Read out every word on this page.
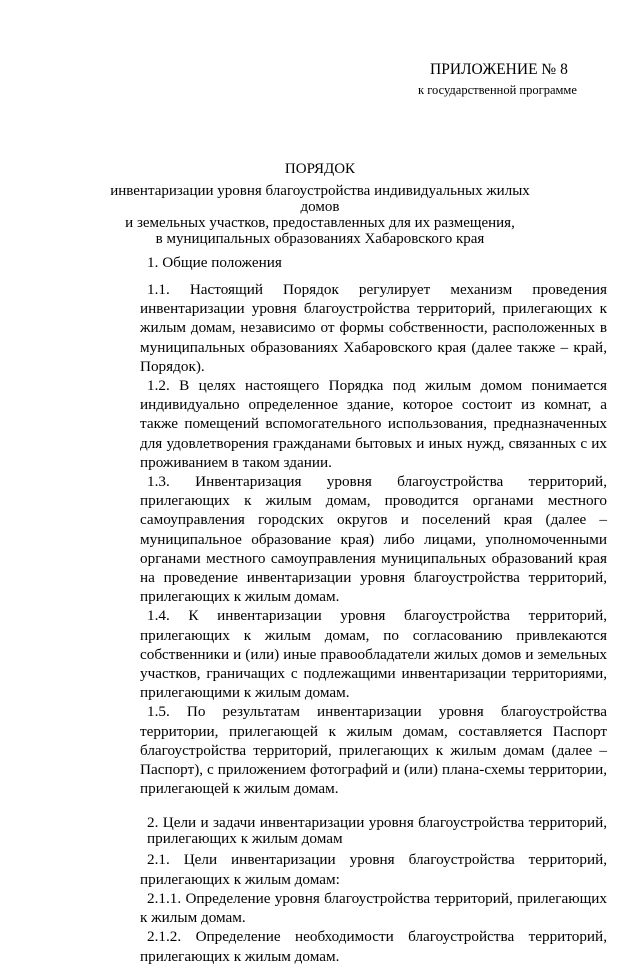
ПРИЛОЖЕНИЕ № 8
к государственной программе
ПОРЯДОК
инвентаризации уровня благоустройства индивидуальных жилых домов
и земельных участков, предоставленных для их размещения,
в муниципальных образованиях Хабаровского края
1. Общие положения

1.1. Настоящий Порядок регулирует механизм проведения инвентаризации уровня благоустройства территорий, прилегающих к жилым домам, независимо от формы собственности, расположенных в муниципальных образованиях Хабаровского края (далее также – край, Порядок).

1.2. В целях настоящего Порядка под жилым домом понимается индивидуально определенное здание, которое состоит из комнат, а также помещений вспомогательного использования, предназначенных для удовлетворения гражданами бытовых и иных нужд, связанных с их проживанием в таком здании.

1.3. Инвентаризация уровня благоустройства территорий, прилегающих к жилым домам, проводится органами местного самоуправления городских округов и поселений края (далее – муниципальное образование края) либо лицами, уполномоченными органами местного самоуправления муниципальных образований края на проведение инвентаризации уровня благоустройства территорий, прилегающих к жилым домам.

1.4. К инвентаризации уровня благоустройства территорий, прилегающих к жилым домам, по согласованию привлекаются собственники и (или) иные правообладатели жилых домов и земельных участков, граничащих с подлежащими инвентаризации территориями, прилегающими к жилым домам.

1.5. По результатам инвентаризации уровня благоустройства территории, прилегающей к жилым домам, составляется Паспорт благоустройства территорий, прилегающих к жилым домам (далее – Паспорт), с приложением фотографий и (или) плана-схемы территории, прилегающей к жилым домам.

2. Цели и задачи инвентаризации уровня благоустройства территорий, прилегающих к жилым домам

2.1. Цели инвентаризации уровня благоустройства территорий, прилегающих к жилым домам:

2.1.1. Определение уровня благоустройства территорий, прилегающих к жилым домам.

2.1.2. Определение необходимости благоустройства территорий, прилегающих к жилым домам.
